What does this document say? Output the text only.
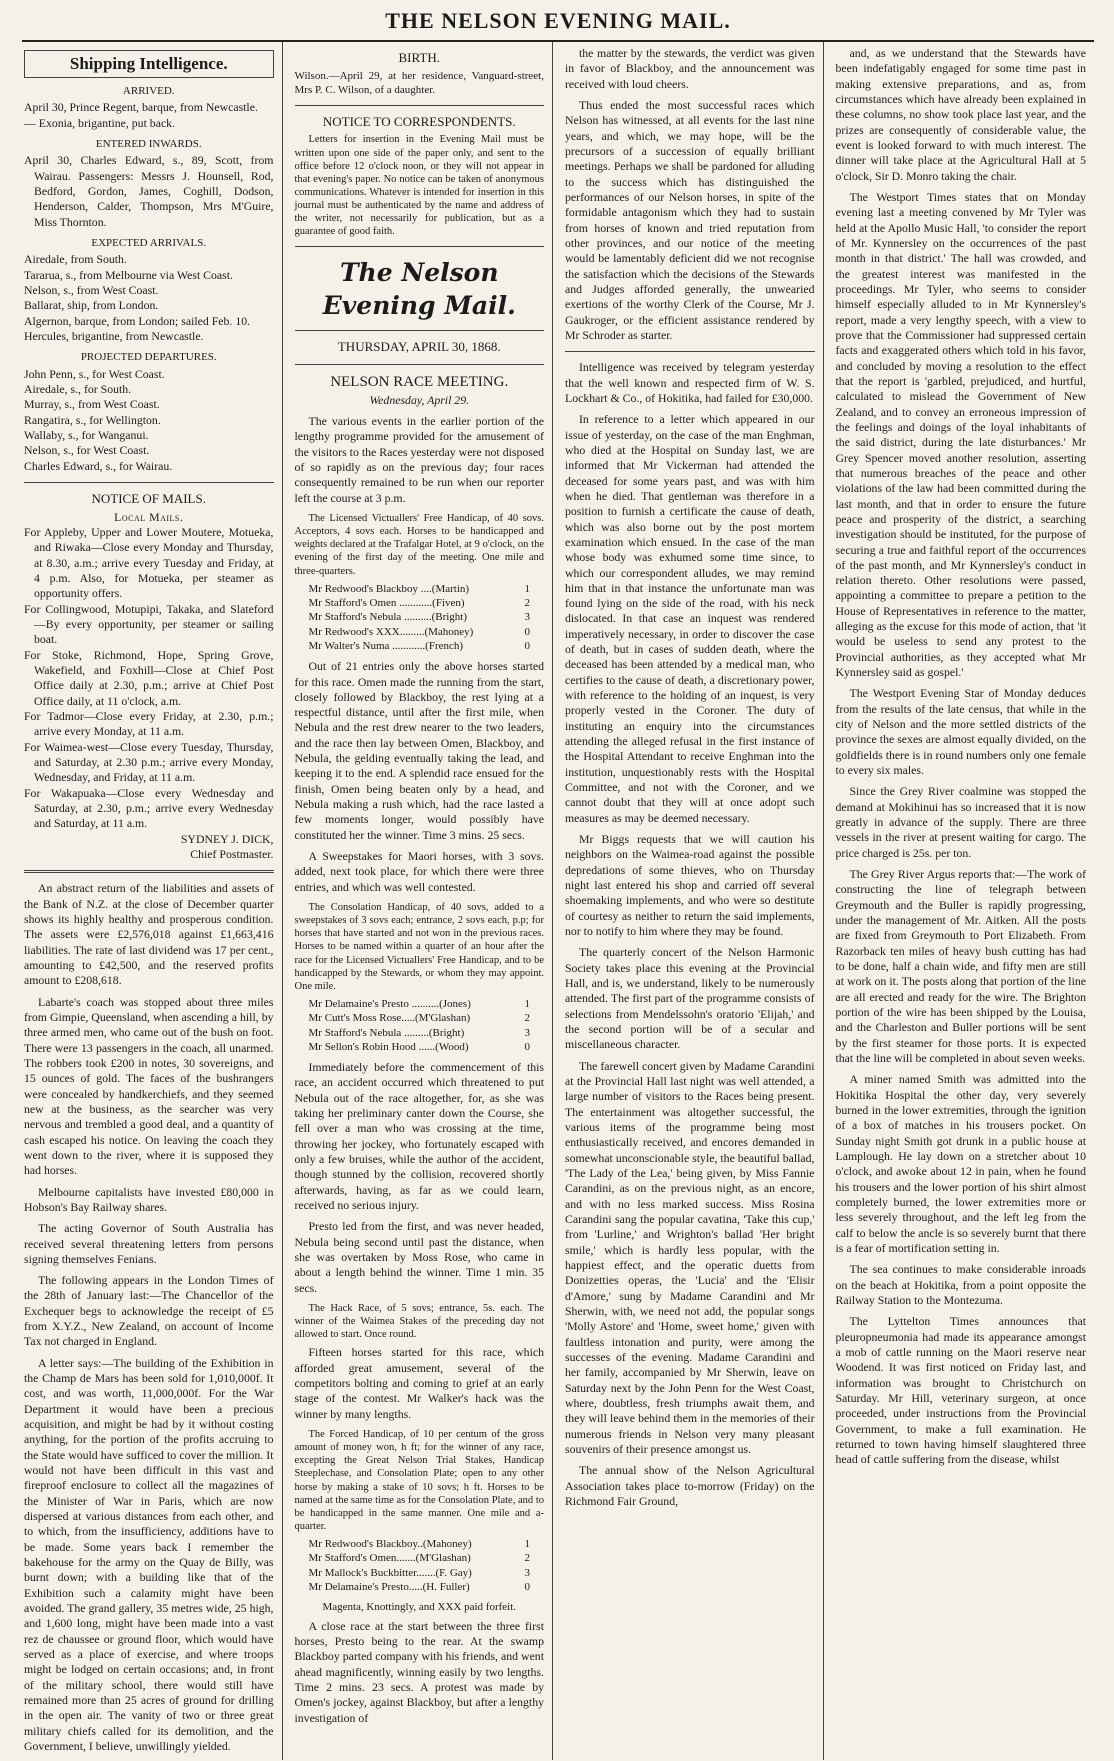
THE NELSON EVENING MAIL.
Shipping Intelligence.
ARRIVED.

April 30, Prince Regent, barque, from Newcastle.

— Exonia, brigantine, put back.

ENTERED INWARDS.

April 30, Charles Edward, s., 89, Scott, from Wairau. Passengers: Messrs J. Hounsell, Rod, Bedford, Gordon, James, Coghill, Dodson, Henderson, Calder, Thompson, Mrs M'Guire, Miss Thornton.

EXPECTED ARRIVALS.

Airedale, from South.

Tararua, s., from Melbourne via West Coast.

Nelson, s., from West Coast.

Ballarat, ship, from London.

Algernon, barque, from London; sailed Feb. 10.

Hercules, brigantine, from Newcastle.

PROJECTED DEPARTURES.

John Penn, s., for West Coast.

Airedale, s., for South.

Murray, s., from West Coast.

Rangatira, s., for Wellington.

Wallaby, s., for Wanganui.

Nelson, s., for West Coast.

Charles Edward, s., for Wairau.

NOTICE OF MAILS.
Local Mails.

For Appleby, Upper and Lower Moutere, Motueka, and Riwaka—Close every Monday and Thursday, at 8.30, a.m.; arrive every Tuesday and Friday, at 4 p.m. Also, for Motueka, per steamer as opportunity offers.

For Collingwood, Motupipi, Takaka, and Slateford—By every opportunity, per steamer or sailing boat.

For Stoke, Richmond, Hope, Spring Grove, Wakefield, and Foxhill—Close at Chief Post Office daily at 2.30, p.m.; arrive at Chief Post Office daily, at 11 o'clock, a.m.

For Tadmor—Close every Friday, at 2.30, p.m.; arrive every Monday, at 11 a.m.

For Waimea-west—Close every Tuesday, Thursday, and Saturday, at 2.30 p.m.; arrive every Monday, Wednesday, and Friday, at 11 a.m.

For Wakapuaka—Close every Wednesday and Saturday, at 2.30, p.m.; arrive every Wednesday and Saturday, at 11 a.m.

SYDNEY J. DICK,

Chief Postmaster.

An abstract return of the liabilities and assets of the Bank of N.Z. at the close of December quarter shows its highly healthy and prosperous condition. The assets were £2,576,018 against £1,663,416 liabilities. The rate of last dividend was 17 per cent., amounting to £42,500, and the reserved profits amount to £208,618.

Labarte's coach was stopped about three miles from Gimpie, Queensland, when ascending a hill, by three armed men, who came out of the bush on foot. There were 13 passengers in the coach, all unarmed. The robbers took £200 in notes, 30 sovereigns, and 15 ounces of gold. The faces of the bushrangers were concealed by handkerchiefs, and they seemed new at the business, as the searcher was very nervous and trembled a good deal, and a quantity of cash escaped his notice. On leaving the coach they went down to the river, where it is supposed they had horses.

Melbourne capitalists have invested £80,000 in Hobson's Bay Railway shares.

The acting Governor of South Australia has received several threatening letters from persons signing themselves Fenians.

The following appears in the London Times of the 28th of January last:—The Chancellor of the Exchequer begs to acknowledge the receipt of £5 from X.Y.Z., New Zealand, on account of Income Tax not charged in England.

A letter says:—The building of the Exhibition in the Champ de Mars has been sold for 1,010,000f. It cost, and was worth, 11,000,000f. For the War Department it would have been a precious acquisition, and might be had by it without costing anything, for the portion of the profits accruing to the State would have sufficed to cover the million. It would not have been difficult in this vast and fireproof enclosure to collect all the magazines of the Minister of War in Paris, which are now dispersed at various distances from each other, and to which, from the insufficiency, additions have to be made. Some years back I remember the bakehouse for the army on the Quay de Billy, was burnt down; with a building like that of the Exhibition such a calamity might have been avoided. The grand gallery, 35 metres wide, 25 high, and 1,600 long, might have been made into a vast rez de chaussee or ground floor, which would have served as a place of exercise, and where troops might be lodged on certain occasions; and, in front of the military school, there would still have remained more than 25 acres of ground for drilling in the open air. The vanity of two or three great military chiefs called for its demolition, and the Government, I believe, unwillingly yielded.

BIRTH.

Wilson.—April 29, at her residence, Vanguard-street, Mrs P. C. Wilson, of a daughter.

NOTICE TO CORRESPONDENTS.

Letters for insertion in the Evening Mail must be written upon one side of the paper only, and sent to the office before 12 o'clock noon, or they will not appear in that evening's paper. No notice can be taken of anonymous communications. Whatever is intended for insertion in this journal must be authenticated by the name and address of the writer, not necessarily for publication, but as a guarantee of good faith.

The Nelson Evening Mail.
THURSDAY, APRIL 30, 1868.
NELSON RACE MEETING.
Wednesday, April 29.

The various events in the earlier portion of the lengthy programme provided for the amusement of the visitors to the Races yesterday were not disposed of so rapidly as on the previous day; four races consequently remained to be run when our reporter left the course at 3 p.m.

The Licensed Victuallers' Free Handicap, of 40 sovs. Acceptors, 4 sovs each. Horses to be handicapped and weights declared at the Trafalgar Hotel, at 9 o'clock, on the evening of the first day of the meeting. One mile and three-quarters.

Mr Redwood's Blackboy ....(Martin)	1
Mr Stafford's Omen ............(Fiven)	2
Mr Stafford's Nebula ..........(Bright)	3
Mr Redwood's XXX.........(Mahoney)	0
Mr Walter's Numa ............(French)	0

Out of 21 entries only the above horses started for this race. Omen made the running from the start, closely followed by Blackboy, the rest lying at a respectful distance, until after the first mile, when Nebula and the rest drew nearer to the two leaders, and the race then lay between Omen, Blackboy, and Nebula, the gelding eventually taking the lead, and keeping it to the end. A splendid race ensued for the finish, Omen being beaten only by a head, and Nebula making a rush which, had the race lasted a few moments longer, would possibly have constituted her the winner. Time 3 mins. 25 secs.

A Sweepstakes for Maori horses, with 3 sovs. added, next took place, for which there were three entries, and which was well contested.

The Consolation Handicap, of 40 sovs, added to a sweepstakes of 3 sovs each; entrance, 2 sovs each, p.p; for horses that have started and not won in the previous races. Horses to be named within a quarter of an hour after the race for the Licensed Victuallers' Free Handicap, and to be handicapped by the Stewards, or whom they may appoint. One mile.

Mr Delamaine's Presto ..........(Jones)	1
Mr Cutt's Moss Rose.....(M'Glashan)	2
Mr Stafford's Nebula .........(Bright)	3
Mr Sellon's Robin Hood ......(Wood)	0

Immediately before the commencement of this race, an accident occurred which threatened to put Nebula out of the race altogether, for, as she was taking her preliminary canter down the Course, she fell over a man who was crossing at the time, throwing her jockey, who fortunately escaped with only a few bruises, while the author of the accident, though stunned by the collision, recovered shortly afterwards, having, as far as we could learn, received no serious injury.

Presto led from the first, and was never headed, Nebula being second until past the distance, when she was overtaken by Moss Rose, who came in about a length behind the winner. Time 1 min. 35 secs.

The Hack Race, of 5 sovs; entrance, 5s. each. The winner of the Waimea Stakes of the preceding day not allowed to start. Once round.

Fifteen horses started for this race, which afforded great amusement, several of the competitors bolting and coming to grief at an early stage of the contest. Mr Walker's hack was the winner by many lengths.

The Forced Handicap, of 10 per centum of the gross amount of money won, h ft; for the winner of any race, excepting the Great Nelson Trial Stakes, Handicap Steeplechase, and Consolation Plate; open to any other horse by making a stake of 10 sovs; h ft. Horses to be named at the same time as for the Consolation Plate, and to be handicapped in the same manner. One mile and a-quarter.

Mr Redwood's Blackboy..(Mahoney)	1
Mr Stafford's Omen.......(M'Glashan)	2
Mr Mallock's Buckbitter.......(F. Gay)	3
Mr Delamaine's Presto.....(H. Fuller)	0

Magenta, Knottingly, and XXX paid forfeit.

A close race at the start between the three first horses, Presto being to the rear. At the swamp Blackboy parted company with his friends, and went ahead magnificently, winning easily by two lengths. Time 2 mins. 23 secs. A protest was made by Omen's jockey, against Blackboy, but after a lengthy investigation of

the matter by the stewards, the verdict was given in favor of Blackboy, and the announcement was received with loud cheers.

Thus ended the most successful races which Nelson has witnessed, at all events for the last nine years, and which, we may hope, will be the precursors of a succession of equally brilliant meetings. Perhaps we shall be pardoned for alluding to the success which has distinguished the performances of our Nelson horses, in spite of the formidable antagonism which they had to sustain from horses of known and tried reputation from other provinces, and our notice of the meeting would be lamentably deficient did we not recognise the satisfaction which the decisions of the Stewards and Judges afforded generally, the unwearied exertions of the worthy Clerk of the Course, Mr J. Gaukroger, or the efficient assistance rendered by Mr Schroder as starter.

Intelligence was received by telegram yesterday that the well known and respected firm of W. S. Lockhart & Co., of Hokitika, had failed for £30,000.

In reference to a letter which appeared in our issue of yesterday, on the case of the man Enghman, who died at the Hospital on Sunday last, we are informed that Mr Vickerman had attended the deceased for some years past, and was with him when he died. That gentleman was therefore in a position to furnish a certificate the cause of death, which was also borne out by the post mortem examination which ensued. In the case of the man whose body was exhumed some time since, to which our correspondent alludes, we may remind him that in that instance the unfortunate man was found lying on the side of the road, with his neck dislocated. In that case an inquest was rendered imperatively necessary, in order to discover the case of death, but in cases of sudden death, where the deceased has been attended by a medical man, who certifies to the cause of death, a discretionary power, with reference to the holding of an inquest, is very properly vested in the Coroner. The duty of instituting an enquiry into the circumstances attending the alleged refusal in the first instance of the Hospital Attendant to receive Enghman into the institution, unquestionably rests with the Hospital Committee, and not with the Coroner, and we cannot doubt that they will at once adopt such measures as may be deemed necessary.

Mr Biggs requests that we will caution his neighbors on the Waimea-road against the possible depredations of some thieves, who on Thursday night last entered his shop and carried off several shoemaking implements, and who were so destitute of courtesy as neither to return the said implements, nor to notify to him where they may be found.

The quarterly concert of the Nelson Harmonic Society takes place this evening at the Provincial Hall, and is, we understand, likely to be numerously attended. The first part of the programme consists of selections from Mendelssohn's oratorio 'Elijah,' and the second portion will be of a secular and miscellaneous character.

The farewell concert given by Madame Carandini at the Provincial Hall last night was well attended, a large number of visitors to the Races being present. The entertainment was altogether successful, the various items of the programme being most enthusiastically received, and encores demanded in somewhat unconscionable style, the beautiful ballad, 'The Lady of the Lea,' being given, by Miss Fannie Carandini, as on the previous night, as an encore, and with no less marked success. Miss Rosina Carandini sang the popular cavatina, 'Take this cup,' from 'Lurline,' and Wrighton's ballad 'Her bright smile,' which is hardly less popular, with the happiest effect, and the operatic duetts from Donizetties operas, the 'Lucia' and the 'Elisir d'Amore,' sung by Madame Carandini and Mr Sherwin, with, we need not add, the popular songs 'Molly Astore' and 'Home, sweet home,' given with faultless intonation and purity, were among the successes of the evening. Madame Carandini and her family, accompanied by Mr Sherwin, leave on Saturday next by the John Penn for the West Coast, where, doubtless, fresh triumphs await them, and they will leave behind them in the memories of their numerous friends in Nelson very many pleasant souvenirs of their presence amongst us.

The annual show of the Nelson Agricultural Association takes place to-morrow (Friday) on the Richmond Fair Ground,

and, as we understand that the Stewards have been indefatigably engaged for some time past in making extensive preparations, and as, from circumstances which have already been explained in these columns, no show took place last year, and the prizes are consequently of considerable value, the event is looked forward to with much interest. The dinner will take place at the Agricultural Hall at 5 o'clock, Sir D. Monro taking the chair.

The Westport Times states that on Monday evening last a meeting convened by Mr Tyler was held at the Apollo Music Hall, 'to consider the report of Mr. Kynnersley on the occurrences of the past month in that district.' The hall was crowded, and the greatest interest was manifested in the proceedings. Mr Tyler, who seems to consider himself especially alluded to in Mr Kynnersley's report, made a very lengthy speech, with a view to prove that the Commissioner had suppressed certain facts and exaggerated others which told in his favor, and concluded by moving a resolution to the effect that the report is 'garbled, prejudiced, and hurtful, calculated to mislead the Government of New Zealand, and to convey an erroneous impression of the feelings and doings of the loyal inhabitants of the said district, during the late disturbances.' Mr Grey Spencer moved another resolution, asserting that numerous breaches of the peace and other violations of the law had been committed during the last month, and that in order to ensure the future peace and prosperity of the district, a searching investigation should be instituted, for the purpose of securing a true and faithful report of the occurrences of the past month, and Mr Kynnersley's conduct in relation thereto. Other resolutions were passed, appointing a committee to prepare a petition to the House of Representatives in reference to the matter, alleging as the excuse for this mode of action, that 'it would be useless to send any protest to the Provincial authorities, as they accepted what Mr Kynnersley said as gospel.'

The Westport Evening Star of Monday deduces from the results of the late census, that while in the city of Nelson and the more settled districts of the province the sexes are almost equally divided, on the goldfields there is in round numbers only one female to every six males.

Since the Grey River coalmine was stopped the demand at Mokihinui has so increased that it is now greatly in advance of the supply. There are three vessels in the river at present waiting for cargo. The price charged is 25s. per ton.

The Grey River Argus reports that:—The work of constructing the line of telegraph between Greymouth and the Buller is rapidly progressing, under the management of Mr. Aitken. All the posts are fixed from Greymouth to Port Elizabeth. From Razorback ten miles of heavy bush cutting has had to be done, half a chain wide, and fifty men are still at work on it. The posts along that portion of the line are all erected and ready for the wire. The Brighton portion of the wire has been shipped by the Louisa, and the Charleston and Buller portions will be sent by the first steamer for those ports. It is expected that the line will be completed in about seven weeks.

A miner named Smith was admitted into the Hokitika Hospital the other day, very severely burned in the lower extremities, through the ignition of a box of matches in his trousers pocket. On Sunday night Smith got drunk in a public house at Lamplough. He lay down on a stretcher about 10 o'clock, and awoke about 12 in pain, when he found his trousers and the lower portion of his shirt almost completely burned, the lower extremities more or less severely throughout, and the left leg from the calf to below the ancle is so severely burnt that there is a fear of mortification setting in.

The sea continues to make considerable inroads on the beach at Hokitika, from a point opposite the Railway Station to the Montezuma.

The Lyttelton Times announces that pleuropneumonia had made its appearance amongst a mob of cattle running on the Maori reserve near Woodend. It was first noticed on Friday last, and information was brought to Christchurch on Saturday. Mr Hill, veterinary surgeon, at once proceeded, under instructions from the Provincial Government, to make a full examination. He returned to town having himself slaughtered three head of cattle suffering from the disease, whilst
